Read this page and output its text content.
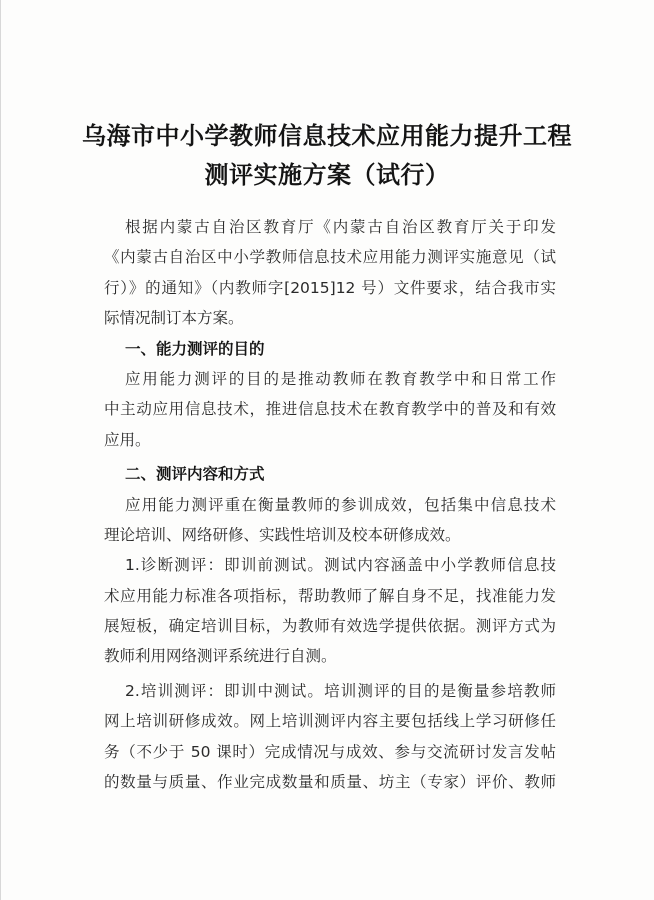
乌海市中小学教师信息技术应用能力提升工程
测评实施方案（试行）
根据内蒙古自治区教育厅《内蒙古自治区教育厅关于印发
《内蒙古自治区中小学教师信息技术应用能力测评实施意见（试
行）》的通知》（内教师字[2015]12 号）文件要求，结合我市实
际情况制订本方案。
一、能力测评的目的
应用能力测评的目的是推动教师在教育教学中和日常工作
中主动应用信息技术，推进信息技术在教育教学中的普及和有效
应用。
二、测评内容和方式
应用能力测评重在衡量教师的参训成效，包括集中信息技术
理论培训、网络研修、实践性培训及校本研修成效。
1.诊断测评：即训前测试。测试内容涵盖中小学教师信息技
术应用能力标准各项指标，帮助教师了解自身不足，找准能力发
展短板，确定培训目标，为教师有效选学提供依据。测评方式为
教师利用网络测评系统进行自测。
2.培训测评：即训中测试。培训测评的目的是衡量参培教师
网上培训研修成效。网上培训测评内容主要包括线上学习研修任
务（不少于 50 课时）完成情况与成效、参与交流研讨发言发帖
的数量与质量、作业完成数量和质量、坊主（专家）评价、教师
